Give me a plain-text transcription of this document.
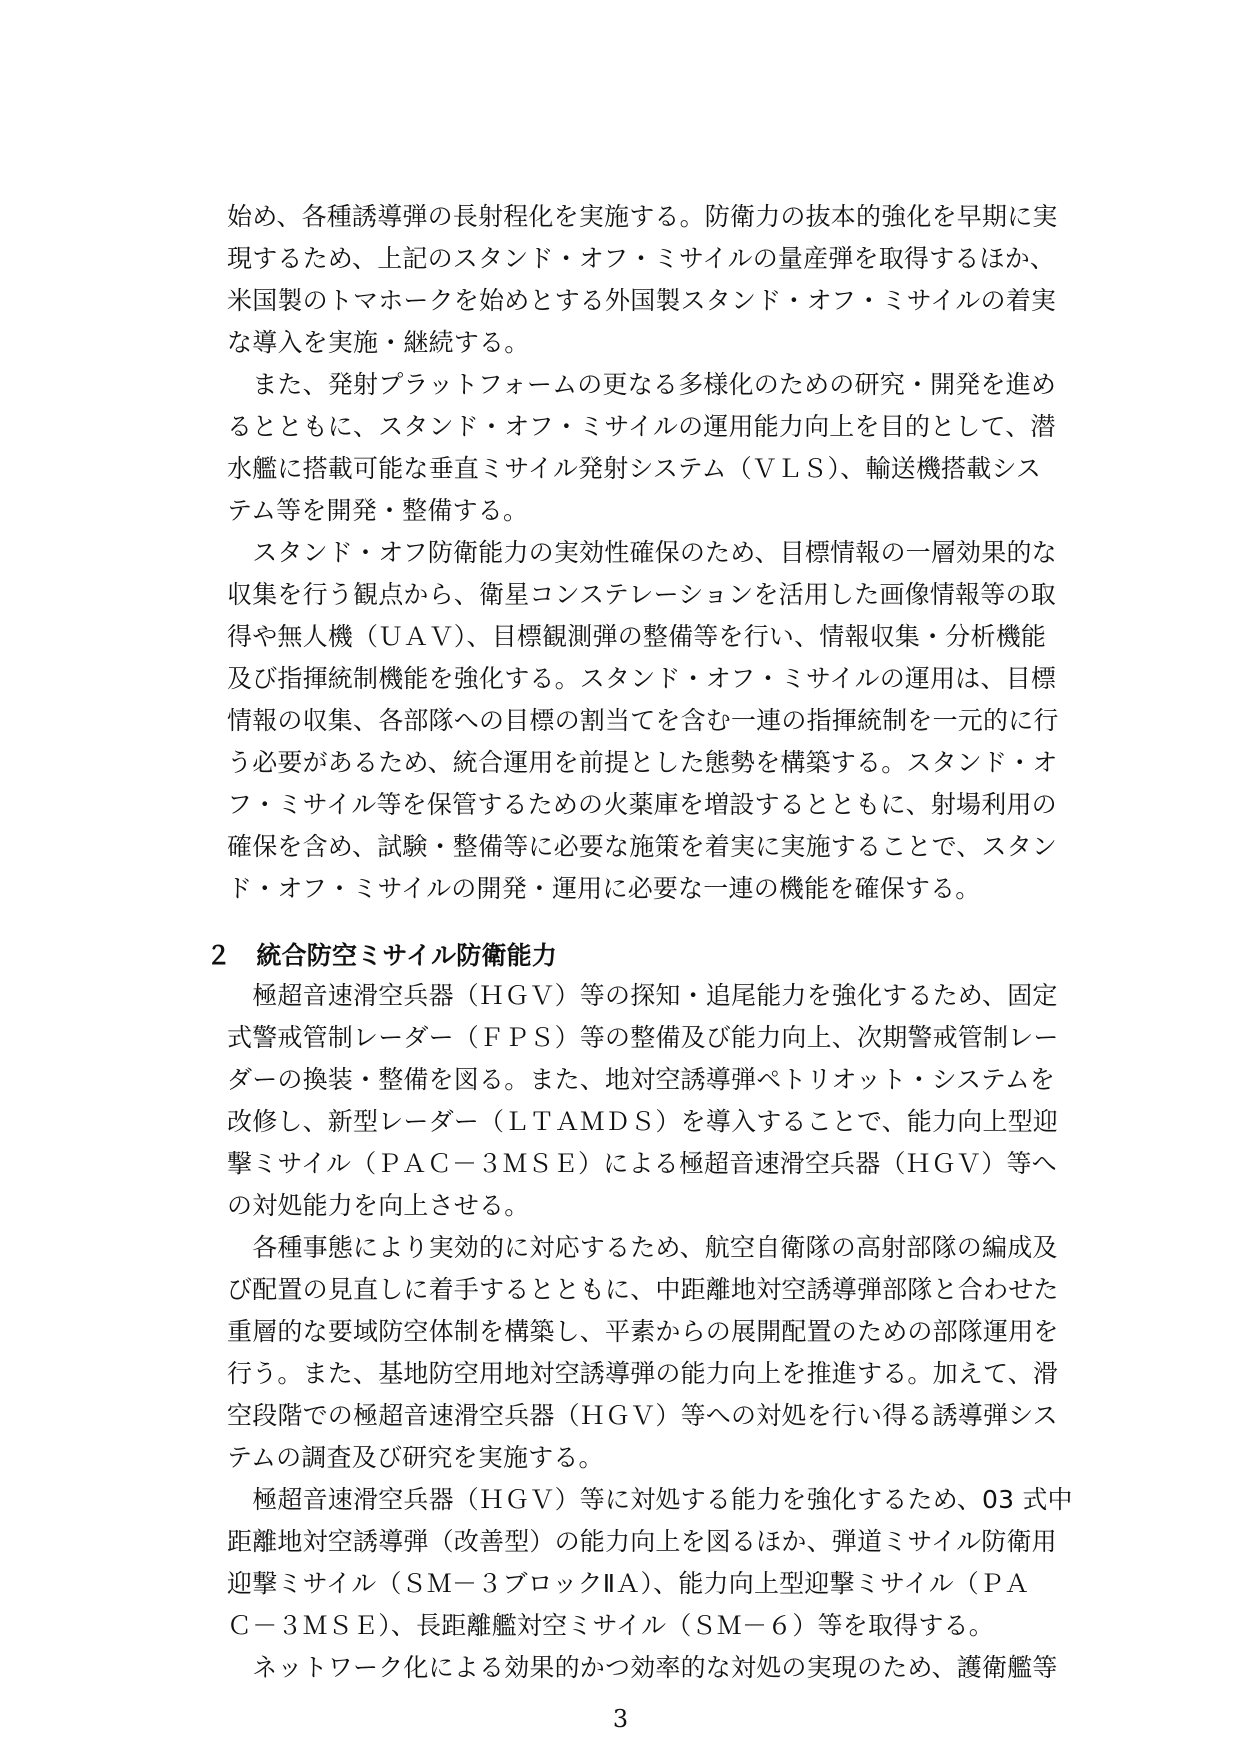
始め、各種誘導弾の長射程化を実施する。防衛力の抜本的強化を早期に実
現するため、上記のスタンド・オフ・ミサイルの量産弾を取得するほか、
米国製のトマホークを始めとする外国製スタンド・オフ・ミサイルの着実
な導入を実施・継続する。
　また、発射プラットフォームの更なる多様化のための研究・開発を進め
るとともに、スタンド・オフ・ミサイルの運用能力向上を目的として、潜
水艦に搭載可能な垂直ミサイル発射システム（ＶＬＳ）、輸送機搭載シス
テム等を開発・整備する。
　スタンド・オフ防衛能力の実効性確保のため、目標情報の一層効果的な
収集を行う観点から、衛星コンステレーションを活用した画像情報等の取
得や無人機（ＵＡＶ）、目標観測弾の整備等を行い、情報収集・分析機能
及び指揮統制機能を強化する。スタンド・オフ・ミサイルの運用は、目標
情報の収集、各部隊への目標の割当てを含む一連の指揮統制を一元的に行
う必要があるため、統合運用を前提とした態勢を構築する。スタンド・オ
フ・ミサイル等を保管するための火薬庫を増設するとともに、射場利用の
確保を含め、試験・整備等に必要な施策を着実に実施することで、スタン
ド・オフ・ミサイルの開発・運用に必要な一連の機能を確保する。
２　統合防空ミサイル防衛能力
　極超音速滑空兵器（ＨＧＶ）等の探知・追尾能力を強化するため、固定
式警戒管制レーダー（ＦＰＳ）等の整備及び能力向上、次期警戒管制レー
ダーの換装・整備を図る。また、地対空誘導弾ペトリオット・システムを
改修し、新型レーダー（ＬＴＡＭＤＳ）を導入することで、能力向上型迎
撃ミサイル（ＰＡＣ－３ＭＳＥ）による極超音速滑空兵器（ＨＧＶ）等へ
の対処能力を向上させる。
　各種事態により実効的に対応するため、航空自衛隊の高射部隊の編成及
び配置の見直しに着手するとともに、中距離地対空誘導弾部隊と合わせた
重層的な要域防空体制を構築し、平素からの展開配置のための部隊運用を
行う。また、基地防空用地対空誘導弾の能力向上を推進する。加えて、滑
空段階での極超音速滑空兵器（ＨＧＶ）等への対処を行い得る誘導弾シス
テムの調査及び研究を実施する。
　極超音速滑空兵器（ＨＧＶ）等に対処する能力を強化するため、03 式中
距離地対空誘導弾（改善型）の能力向上を図るほか、弾道ミサイル防衛用
迎撃ミサイル（ＳＭ－３ブロックⅡＡ）、能力向上型迎撃ミサイル（ＰＡ
Ｃ－３ＭＳＥ）、長距離艦対空ミサイル（ＳＭ－６）等を取得する。
　ネットワーク化による効果的かつ効率的な対処の実現のため、護衛艦等
3
